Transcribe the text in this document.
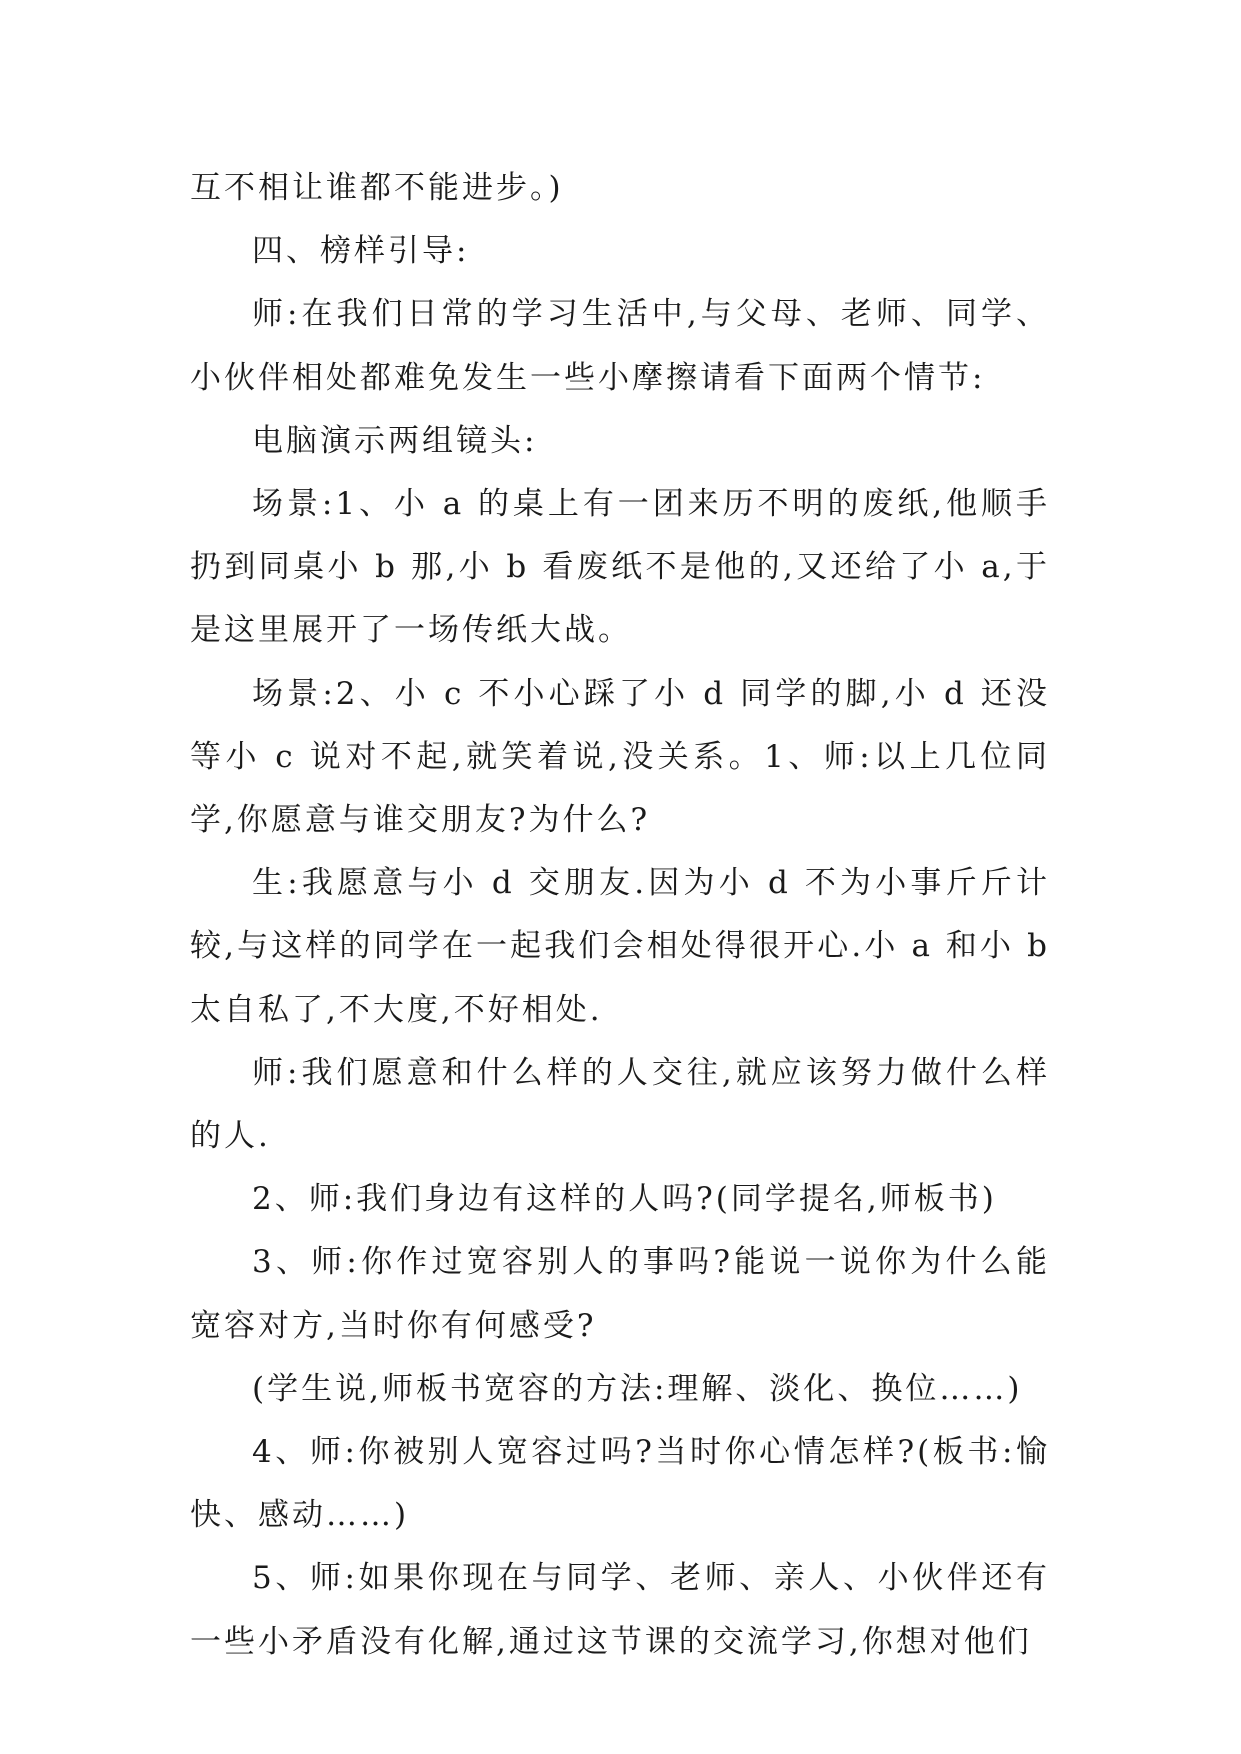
互不相让谁都不能进步。)

四、榜样引导:

师:在我们日常的学习生活中,与父母、老师、同学、小伙伴相处都难免发生一些小摩擦请看下面两个情节:

电脑演示两组镜头:

场景:1、小 a 的桌上有一团来历不明的废纸,他顺手扔到同桌小 b 那,小 b 看废纸不是他的,又还给了小 a,于是这里展开了一场传纸大战。

场景:2、小 c 不小心踩了小 d 同学的脚,小 d 还没等小 c 说对不起,就笑着说,没关系。1、师:以上几位同学,你愿意与谁交朋友?为什么?

生:我愿意与小 d 交朋友.因为小 d 不为小事斤斤计较,与这样的同学在一起我们会相处得很开心.小 a 和小 b 太自私了,不大度,不好相处.

师:我们愿意和什么样的人交往,就应该努力做什么样的人.

2、师:我们身边有这样的人吗?(同学提名,师板书)

3、师:你作过宽容别人的事吗?能说一说你为什么能宽容对方,当时你有何感受?

(学生说,师板书宽容的方法:理解、淡化、换位……)

4、师:你被别人宽容过吗?当时你心情怎样?(板书:愉快、感动……)

5、师:如果你现在与同学、老师、亲人、小伙伴还有一些小矛盾没有化解,通过这节课的交流学习,你想对他们
